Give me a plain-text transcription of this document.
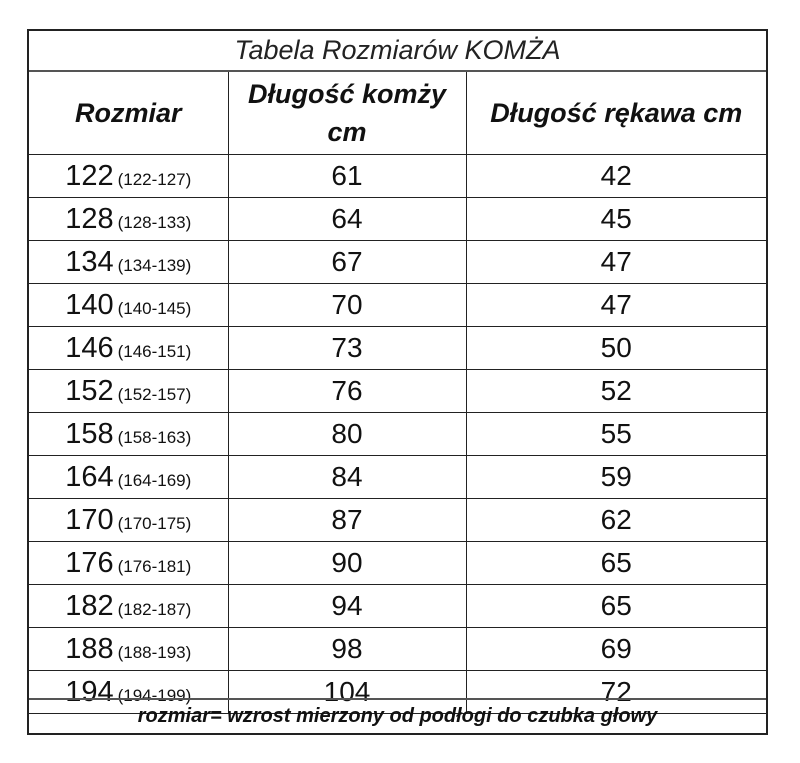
Tabela Rozmiarów KOMŻA
Rozmiar	Długość komży cm	Długość rękawa cm
122 (122-127)	61	42
128 (128-133)	64	45
134 (134-139)	67	47
140 (140-145)	70	47
146 (146-151)	73	50
152 (152-157)	76	52
158 (158-163)	80	55
164 (164-169)	84	59
170 (170-175)	87	62
176 (176-181)	90	65
182 (182-187)	94	65
188 (188-193)	98	69
194 (194-199)	104	72
rozmiar= wzrost mierzony od podłogi do czubka głowy
